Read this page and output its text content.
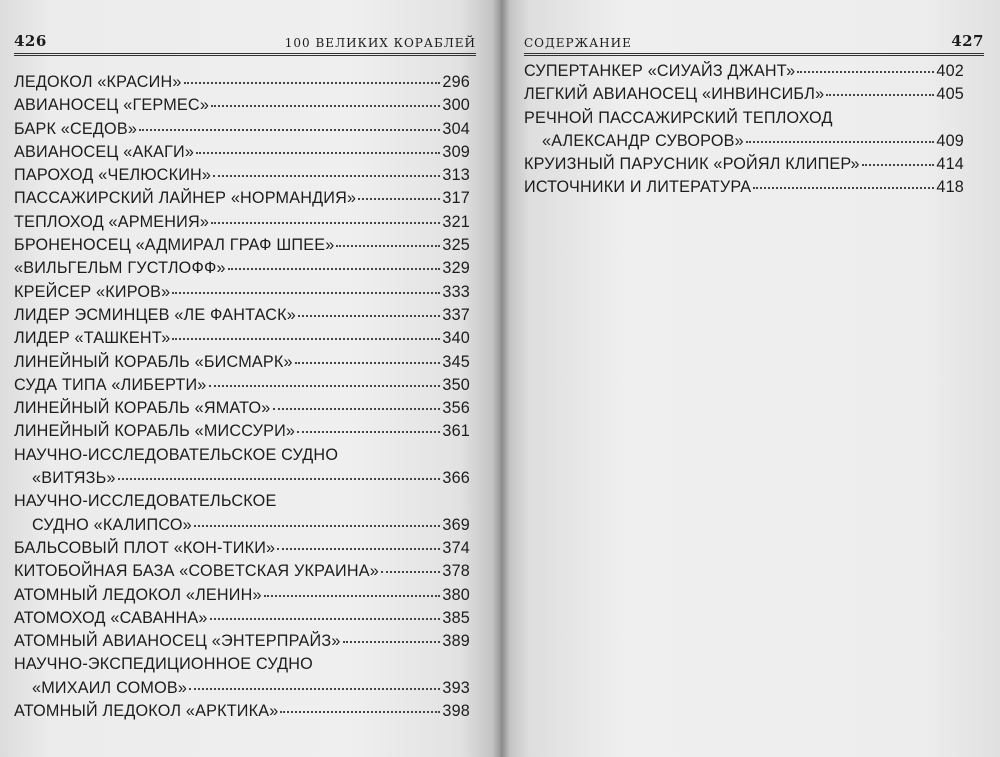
426	100 ВЕЛИКИХ КОРАБЛЕЙ
ЛЕДОКОЛ «КРАСИН»	296
АВИАНОСЕЦ «ГЕРМЕС»	300
БАРК «СЕДОВ»	304
АВИАНОСЕЦ «АКАГИ»	309
ПАРОХОД «ЧЕЛЮСКИН»	313
ПАССАЖИРСКИЙ ЛАЙНЕР «НОРМАНДИЯ»	317
ТЕПЛОХОД «АРМЕНИЯ»	321
БРОНЕНОСЕЦ «АДМИРАЛ ГРАФ ШПЕЕ»	325
«ВИЛЬГЕЛЬМ ГУСТЛОФФ»	329
КРЕЙСЕР «КИРОВ»	333
ЛИДЕР ЭСМИНЦЕВ «ЛЕ ФАНТАСК»	337
ЛИДЕР «ТАШКЕНТ»	340
ЛИНЕЙНЫЙ КОРАБЛЬ «БИСМАРК»	345
СУДА ТИПА «ЛИБЕРТИ»	350
ЛИНЕЙНЫЙ КОРАБЛЬ «ЯМАТО»	356
ЛИНЕЙНЫЙ КОРАБЛЬ «МИССУРИ»	361
НАУЧНО-ИССЛЕДОВАТЕЛЬСКОЕ СУДНО
«ВИТЯЗЬ»	366
НАУЧНО-ИССЛЕДОВАТЕЛЬСКОЕ
СУДНО «КАЛИПСО»	369
БАЛЬСОВЫЙ ПЛОТ «КОН-ТИКИ»	374
КИТОБОЙНАЯ БАЗА «СОВЕТСКАЯ УКРАИНА»	378
АТОМНЫЙ ЛЕДОКОЛ «ЛЕНИН»	380
АТОМОХОД «САВАННА»	385
АТОМНЫЙ АВИАНОСЕЦ «ЭНТЕРПРАЙЗ»	389
НАУЧНО-ЭКСПЕДИЦИОННОЕ СУДНО
«МИХАИЛ СОМОВ»	393
АТОМНЫЙ ЛЕДОКОЛ «АРКТИКА»	398
СОДЕРЖАНИЕ	427
СУПЕРТАНКЕР «СИУАЙЗ ДЖАНТ»	402
ЛЕГКИЙ АВИАНОСЕЦ «ИНВИНСИБЛ»	405
РЕЧНОЙ ПАССАЖИРСКИЙ ТЕПЛОХОД
«АЛЕКСАНДР СУВОРОВ»	409
КРУИЗНЫЙ ПАРУСНИК «РОЙЯЛ КЛИПЕР»	414
ИСТОЧНИКИ И ЛИТЕРАТУРА	418
